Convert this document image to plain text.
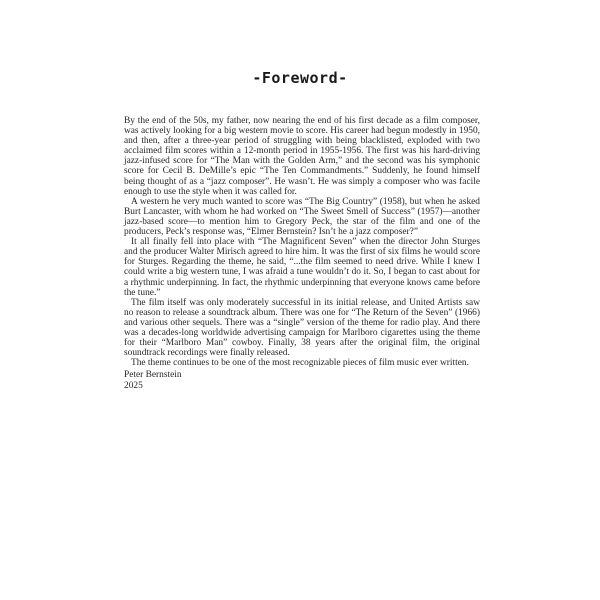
-Foreword-

By the end of the 50s, my father, now nearing the end of his first decade as a film composer, was actively looking for a big western movie to score. His career had begun modestly in 1950, and then, after a three-year period of struggling with being blacklisted, exploded with two acclaimed film scores within a 12-month period in 1955-1956. The first was his hard-driving jazz-infused score for “The Man with the Golden Arm,” and the second was his symphonic score for Cecil B. DeMille’s epic “The Ten Commandments.” Suddenly, he found himself being thought of as a “jazz composer”. He wasn’t. He was simply a composer who was facile enough to use the style when it was called for.

A western he very much wanted to score was “The Big Country” (1958), but when he asked Burt Lancaster, with whom he had worked on “The Sweet Smell of Success” (1957)—another jazz-based score—to mention him to Gregory Peck, the star of the film and one of the producers, Peck’s response was, “Elmer Bernstein? Isn’t he a jazz composer?”

It all finally fell into place with “The Magnificent Seven” when the director John Sturges and the producer Walter Mirisch agreed to hire him. It was the first of six films he would score for Sturges. Regarding the theme, he said, “...the film seemed to need drive. While I knew I could write a big western tune, I was afraid a tune wouldn’t do it. So, I began to cast about for a rhythmic underpinning. In fact, the rhythmic underpinning that everyone knows came before the tune.”

The film itself was only moderately successful in its initial release, and United Artists saw no reason to release a soundtrack album. There was one for “The Return of the Seven” (1966) and various other sequels. There was a “single” version of the theme for radio play. And there was a decades-long worldwide advertising campaign for Marlboro cigarettes using the theme for their “Marlboro Man” cowboy. Finally, 38 years after the original film, the original soundtrack recordings were finally released.

The theme continues to be one of the most recognizable pieces of film music ever written.

Peter Bernstein
2025
